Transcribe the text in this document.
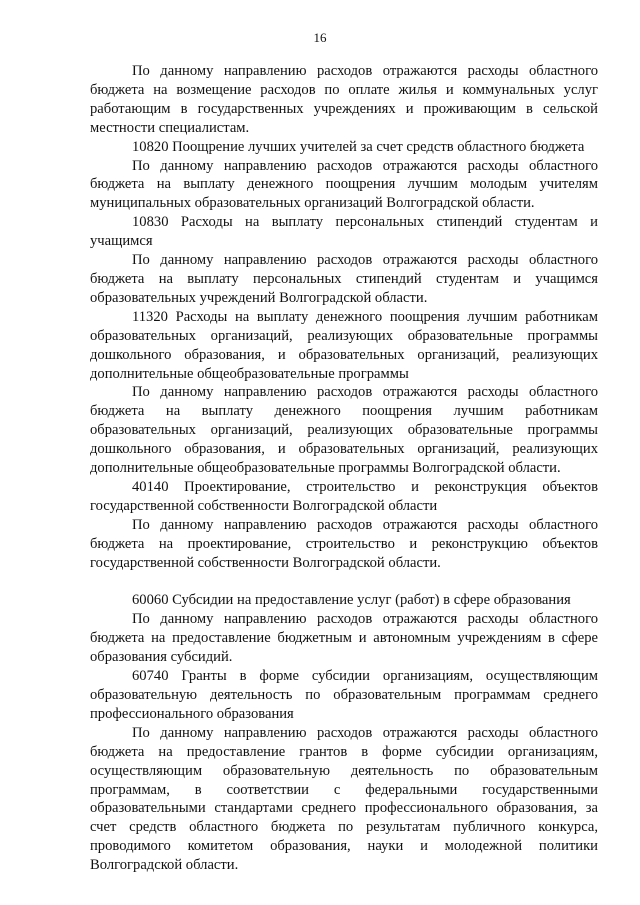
16

По данному направлению расходов отражаются расходы областного бюджета на возмещение расходов по оплате жилья и коммунальных услуг работающим в государственных учреждениях и проживающим в сельской местности специалистам.

10820 Поощрение лучших учителей за счет средств областного бюджета

По данному направлению расходов отражаются расходы областного бюджета на выплату денежного поощрения лучшим молодым учителям муниципальных образовательных организаций Волгоградской области.

10830 Расходы на выплату персональных стипендий студентам и учащимся

По данному направлению расходов отражаются расходы областного бюджета на выплату персональных стипендий студентам и учащимся образовательных учреждений Волгоградской области.

11320 Расходы на выплату денежного поощрения лучшим работникам образовательных организаций, реализующих образовательные программы дошкольного образования, и образовательных организаций, реализующих дополнительные общеобразовательные программы

По данному направлению расходов отражаются расходы областного бюджета на выплату денежного поощрения лучшим работникам образовательных организаций, реализующих образовательные программы дошкольного образования, и образовательных организаций, реализующих дополнительные общеобразовательные программы Волгоградской области.

40140 Проектирование, строительство и реконструкция объектов государственной собственности Волгоградской области

По данному направлению расходов отражаются расходы областного бюджета на проектирование, строительство и реконструкцию объектов государственной собственности Волгоградской области.

60060 Субсидии на предоставление услуг (работ) в сфере образования

По данному направлению расходов отражаются расходы областного бюджета на предоставление бюджетным и автономным учреждениям в сфере образования субсидий.

60740 Гранты в форме субсидии организациям, осуществляющим образовательную деятельность по образовательным программам среднего профессионального образования

По данному направлению расходов отражаются расходы областного бюджета на предоставление грантов в форме субсидии организациям, осуществляющим образовательную деятельность по образовательным программам, в соответствии с федеральными государственными образовательными стандартами среднего профессионального образования, за счет средств областного бюджета по результатам публичного конкурса, проводимого комитетом образования, науки и молодежной политики Волгоградской области.
